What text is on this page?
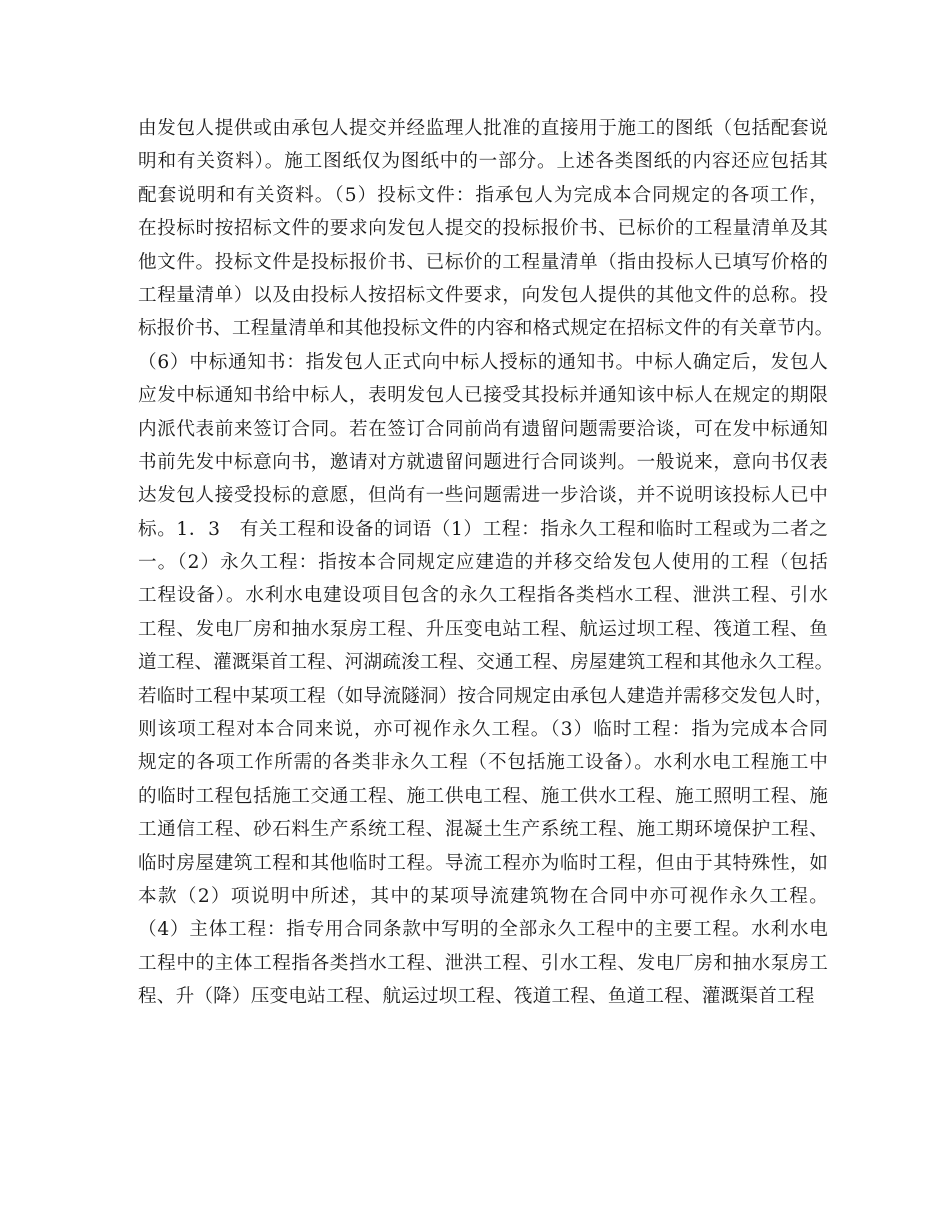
由发包人提供或由承包人提交并经监理人批准的直接用于施工的图纸（包括配套说
明和有关资料）。施工图纸仅为图纸中的一部分。上述各类图纸的内容还应包括其
配套说明和有关资料。（5）投标文件：指承包人为完成本合同规定的各项工作，
在投标时按招标文件的要求向发包人提交的投标报价书、已标价的工程量清单及其
他文件。投标文件是投标报价书、已标价的工程量清单（指由投标人已填写价格的
工程量清单）以及由投标人按招标文件要求，向发包人提供的其他文件的总称。投
标报价书、工程量清单和其他投标文件的内容和格式规定在招标文件的有关章节内。
（6）中标通知书：指发包人正式向中标人授标的通知书。中标人确定后，发包人
应发中标通知书给中标人，表明发包人已接受其投标并通知该中标人在规定的期限
内派代表前来签订合同。若在签订合同前尚有遗留问题需要洽谈，可在发中标通知
书前先发中标意向书，邀请对方就遗留问题进行合同谈判。一般说来，意向书仅表
达发包人接受投标的意愿，但尚有一些问题需进一步洽谈，并不说明该投标人已中
标。1．3　有关工程和设备的词语（1）工程：指永久工程和临时工程或为二者之
一。（2）永久工程：指按本合同规定应建造的并移交给发包人使用的工程（包括
工程设备）。水利水电建设项目包含的永久工程指各类档水工程、泄洪工程、引水
工程、发电厂房和抽水泵房工程、升压变电站工程、航运过坝工程、筏道工程、鱼
道工程、灌溉渠首工程、河湖疏浚工程、交通工程、房屋建筑工程和其他永久工程。
若临时工程中某项工程（如导流隧洞）按合同规定由承包人建造并需移交发包人时，
则该项工程对本合同来说，亦可视作永久工程。（3）临时工程：指为完成本合同
规定的各项工作所需的各类非永久工程（不包括施工设备）。水利水电工程施工中
的临时工程包括施工交通工程、施工供电工程、施工供水工程、施工照明工程、施
工通信工程、砂石料生产系统工程、混凝土生产系统工程、施工期环境保护工程、
临时房屋建筑工程和其他临时工程。导流工程亦为临时工程，但由于其特殊性，如
本款（2）项说明中所述，其中的某项导流建筑物在合同中亦可视作永久工程。
（4）主体工程：指专用合同条款中写明的全部永久工程中的主要工程。水利水电
工程中的主体工程指各类挡水工程、泄洪工程、引水工程、发电厂房和抽水泵房工
程、升（降）压变电站工程、航运过坝工程、筏道工程、鱼道工程、灌溉渠首工程
